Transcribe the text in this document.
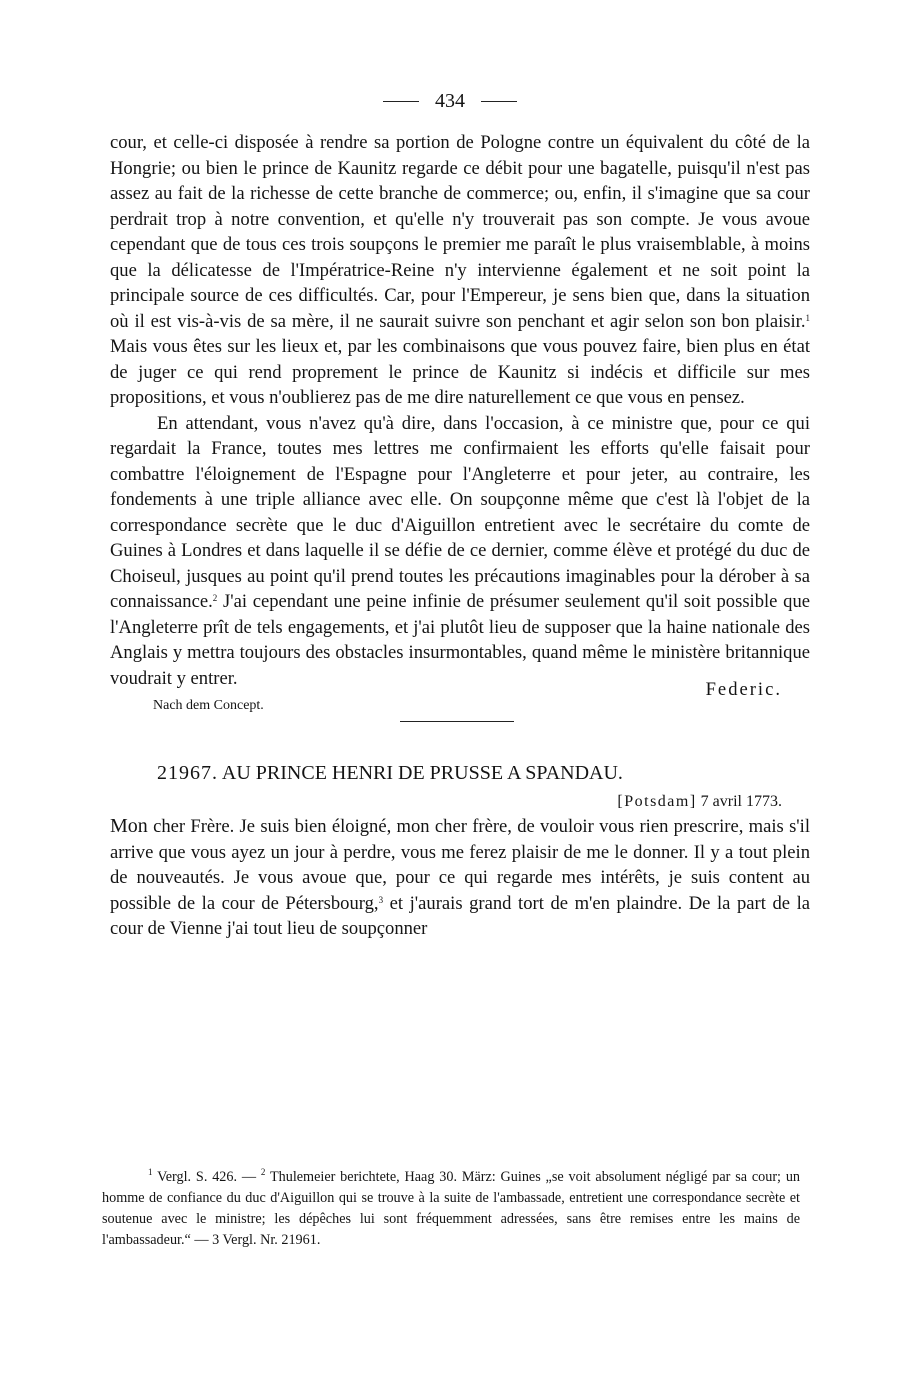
434

cour, et celle-ci disposée à rendre sa portion de Pologne contre un équivalent du côté de la Hongrie; ou bien le prince de Kaunitz regarde ce débit pour une bagatelle, puisqu'il n'est pas assez au fait de la richesse de cette branche de commerce; ou, enfin, il s'imagine que sa cour perdrait trop à notre convention, et qu'elle n'y trouverait pas son compte. Je vous avoue cependant que de tous ces trois soupçons le premier me paraît le plus vraisemblable, à moins que la délicatesse de l'Impératrice-Reine n'y intervienne également et ne soit point la principale source de ces difficultés. Car, pour l'Empereur, je sens bien que, dans la situation où il est vis-à-vis de sa mère, il ne saurait suivre son penchant et agir selon son bon plaisir.$^1$ Mais vous êtes sur les lieux et, par les combinaisons que vous pouvez faire, bien plus en état de juger ce qui rend proprement le prince de Kaunitz si indécis et difficile sur mes propositions, et vous n'oublierez pas de me dire naturellement ce que vous en pensez.

En attendant, vous n'avez qu'à dire, dans l'occasion, à ce ministre que, pour ce qui regardait la France, toutes mes lettres me confirmaient les efforts qu'elle faisait pour combattre l'éloignement de l'Espagne pour l'Angleterre et pour jeter, au contraire, les fondements à une triple alliance avec elle. On soupçonne même que c'est là l'objet de la correspondance secrète que le duc d'Aiguillon entretient avec le secrétaire du comte de Guines à Londres et dans laquelle il se défie de ce dernier, comme élève et protégé du duc de Choiseul, jusques au point qu'il prend toutes les précautions imaginables pour la dérober à sa connaissance.$^2$ J'ai cependant une peine infinie de présumer seulement qu'il soit possible que l'Angleterre prît de tels engagements, et j'ai plutôt lieu de supposer que la haine nationale des Anglais y mettra toujours des obstacles insurmontables, quand même le ministère britannique voudrait y entrer.

Federic.
Nach dem Concept.
21967. AU PRINCE HENRI DE PRUSSE A SPANDAU.
[Potsdam] 7 avril 1773.

Mon cher Frère. Je suis bien éloigné, mon cher frère, de vouloir vous rien prescrire, mais s'il arrive que vous ayez un jour à perdre, vous me ferez plaisir de me le donner. Il y a tout plein de nouveautés. Je vous avoue que, pour ce qui regarde mes intérêts, je suis content au possible de la cour de Pétersbourg,$^3$ et j'aurais grand tort de m'en plaindre. De la part de la cour de Vienne j'ai tout lieu de soupçonner

$^1$ Vergl. S. 426. — $^2$ Thulemeier berichtete, Haag 30. März: Guines „se voit absolument négligé par sa cour; un homme de confiance du duc d'Aiguillon qui se trouve à la suite de l'ambassade, entretient une correspondance secrète et soutenue avec le ministre; les dépêches lui sont fréquemment adressées, sans être remises entre les mains de l'ambassadeur.“ — 3 Vergl. Nr. 21961.
